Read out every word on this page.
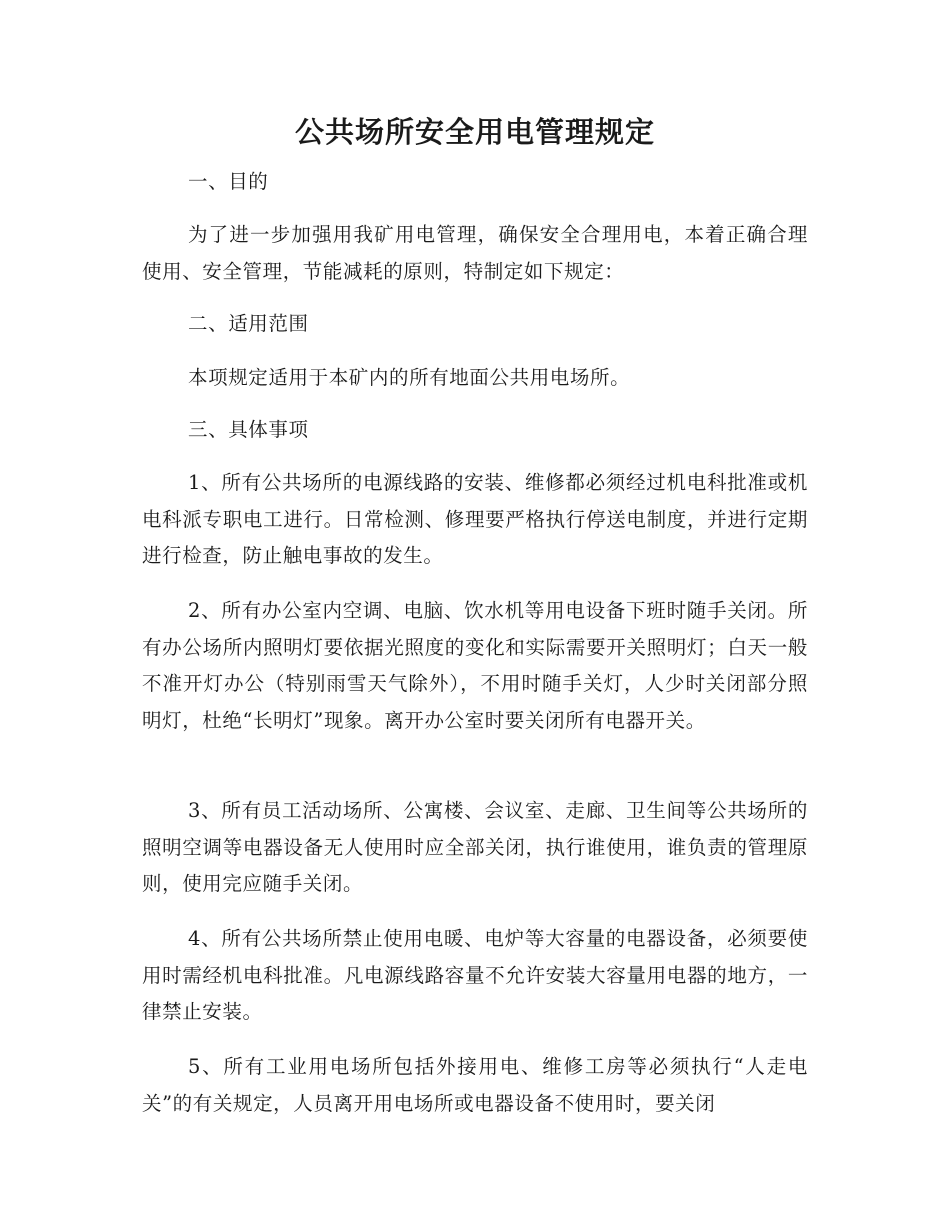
公共场所安全用电管理规定

一、目的

为了进一步加强用我矿用电管理，确保安全合理用电，本着正确合理使用、安全管理，节能减耗的原则，特制定如下规定：

二、适用范围

本项规定适用于本矿内的所有地面公共用电场所。

三、具体事项

1、所有公共场所的电源线路的安装、维修都必须经过机电科批准或机电科派专职电工进行。日常检测、修理要严格执行停送电制度，并进行定期进行检查，防止触电事故的发生。

2、所有办公室内空调、电脑、饮水机等用电设备下班时随手关闭。所有办公场所内照明灯要依据光照度的变化和实际需要开关照明灯；白天一般不准开灯办公（特别雨雪天气除外），不用时随手关灯，人少时关闭部分照明灯，杜绝“长明灯”现象。离开办公室时要关闭所有电器开关。

3、所有员工活动场所、公寓楼、会议室、走廊、卫生间等公共场所的照明空调等电器设备无人使用时应全部关闭，执行谁使用，谁负责的管理原则，使用完应随手关闭。

4、所有公共场所禁止使用电暖、电炉等大容量的电器设备，必须要使用时需经机电科批准。凡电源线路容量不允许安装大容量用电器的地方，一律禁止安装。

5、所有工业用电场所包括外接用电、维修工房等必须执行“人走电关”的有关规定，人员离开用电场所或电器设备不使用时，要关闭
